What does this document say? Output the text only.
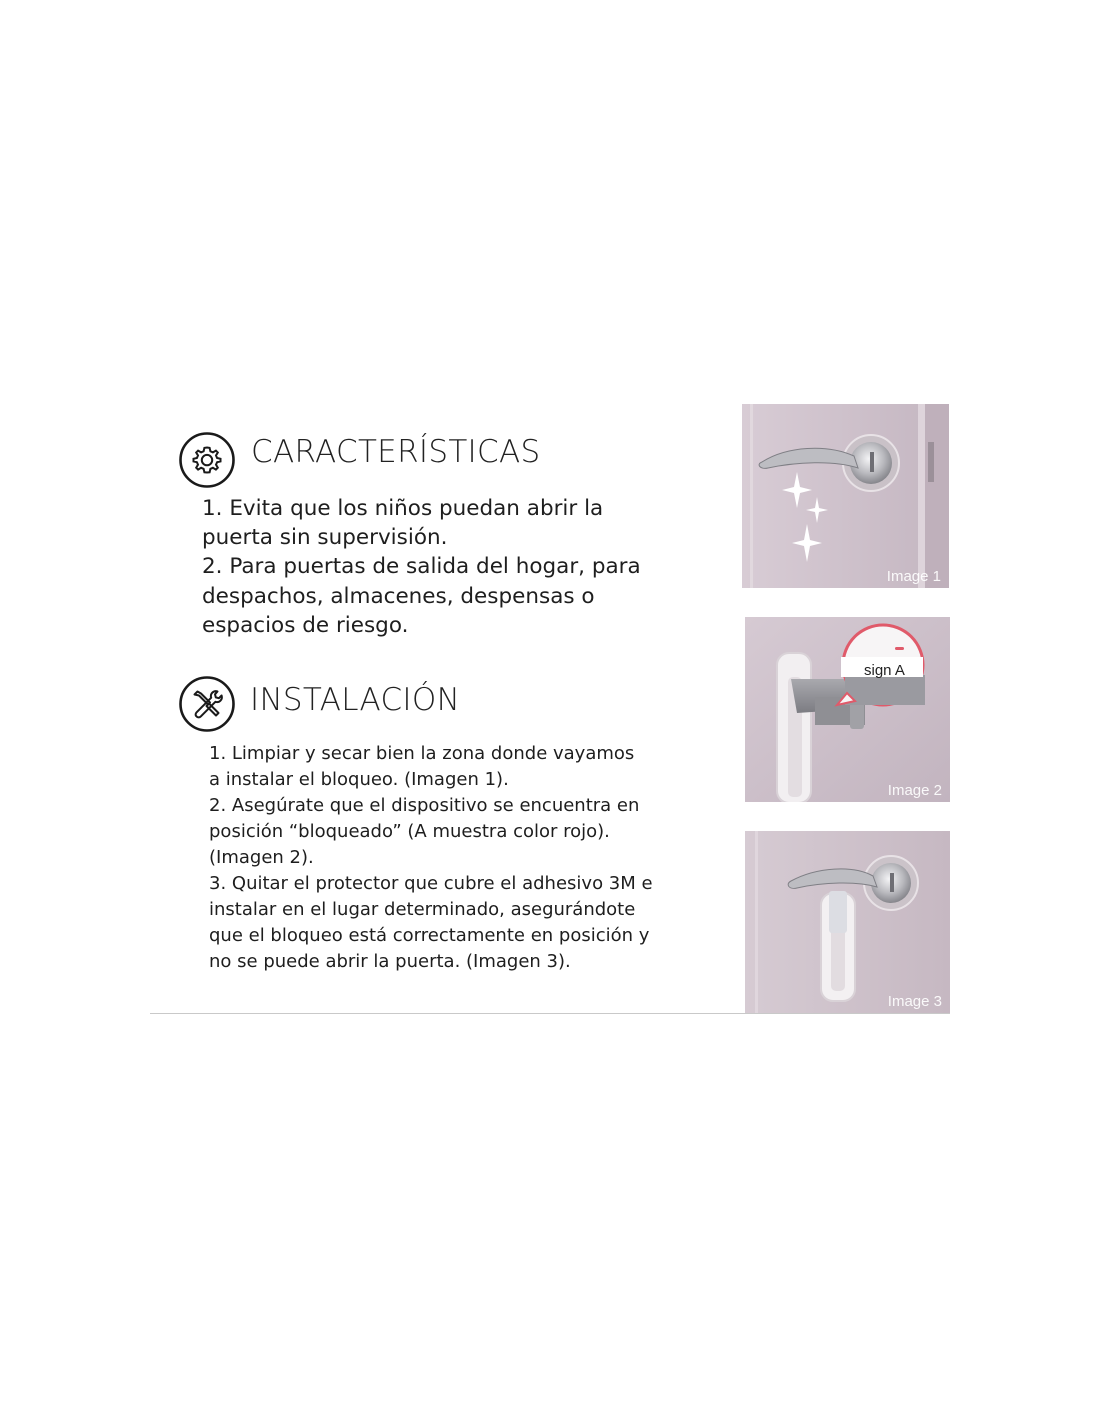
CARACTERÍSTICAS
1. Evita que los niños puedan abrir la
puerta sin supervisión.
2. Para puertas de salida del hogar, para
despachos, almacenes, despensas o
espacios de riesgo.
INSTALACIÓN
1. Limpiar y secar bien la zona donde vayamos
a instalar el bloqueo. (Imagen 1).
2. Asegúrate que el dispositivo se encuentra en
posición “bloqueado” (A muestra color rojo).
(Imagen 2).
3. Quitar el protector que cubre el adhesivo 3M e
instalar en el lugar determinado, asegurándote
que el bloqueo está correctamente en posición y
no se puede abrir la puerta. (Imagen 3).
Image 1
sign A
Image 2
Image 3
